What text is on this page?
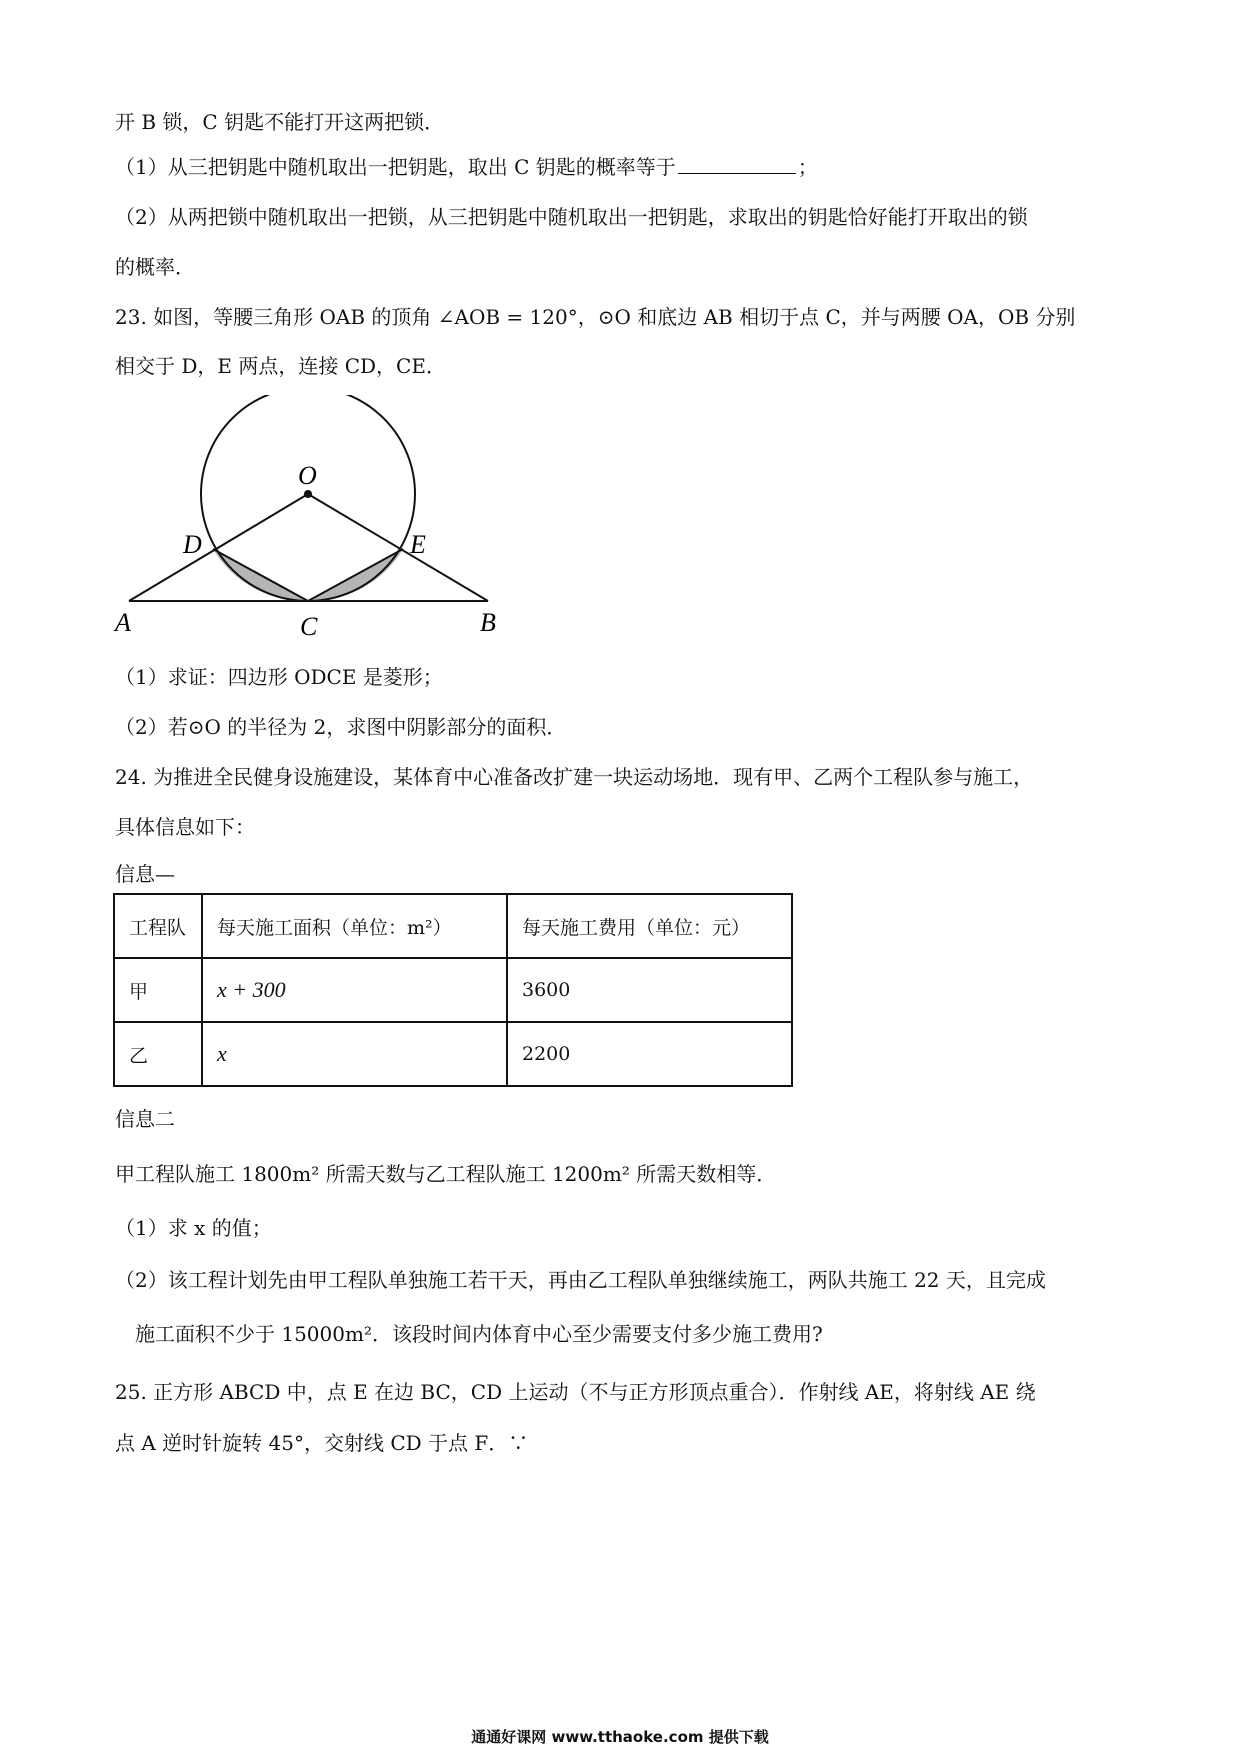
开 B 锁，C 钥匙不能打开这两把锁．
（1）从三把钥匙中随机取出一把钥匙，取出 C 钥匙的概率等于	；
（2）从两把锁中随机取出一把锁，从三把钥匙中随机取出一把钥匙，求取出的钥匙恰好能打开取出的锁
的概率．
23. 如图，等腰三角形 OAB 的顶角 ∠AOB = 120°，⊙O 和底边 AB 相切于点 C，并与两腰 OA，OB 分别
相交于 D，E 两点，连接 CD，CE．
O
D	E
A	C	B
（1）求证：四边形 ODCE 是菱形；
（2）若⊙O 的半径为 2，求图中阴影部分的面积．
24. 为推进全民健身设施建设，某体育中心准备改扩建一块运动场地．现有甲、乙两个工程队参与施工，
具体信息如下：
信息—
工程队	每天施工面积（单位：m²）	每天施工费用（单位：元）
甲	x + 300	3600
乙	x	2200
信息二
甲工程队施工 1800m² 所需天数与乙工程队施工 1200m² 所需天数相等．
（1）求 x 的值；
（2）该工程计划先由甲工程队单独施工若干天，再由乙工程队单独继续施工，两队共施工 22 天，且完成
施工面积不少于 15000m²．该段时间内体育中心至少需要支付多少施工费用?
25. 正方形 ABCD 中，点 E 在边 BC，CD 上运动（不与正方形顶点重合）．作射线 AE，将射线 AE 绕
点 A 逆时针旋转 45°，交射线 CD 于点 F．∵
通通好课网 www.tthaoke.com 提供下载
